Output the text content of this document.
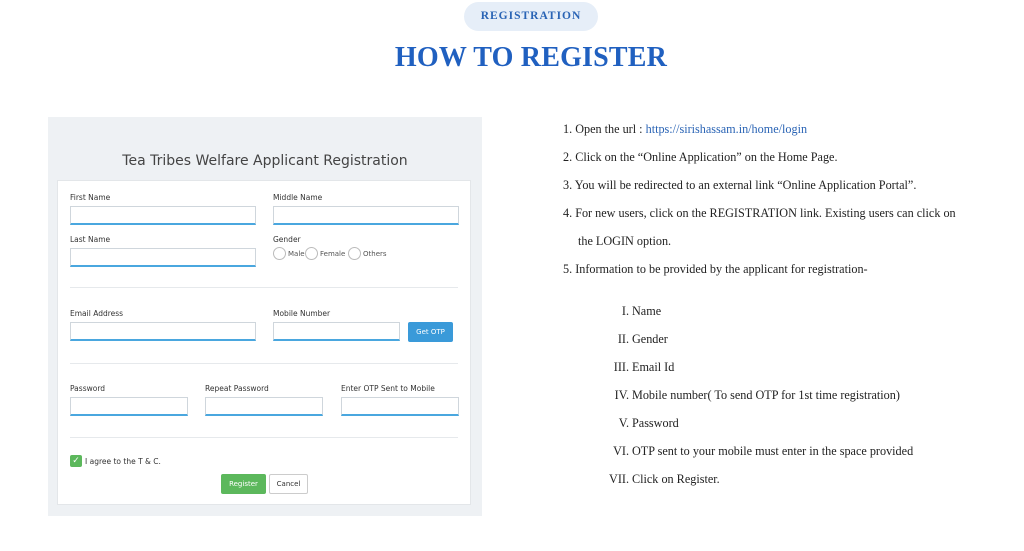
REGISTRATION
HOW TO REGISTER
Tea Tribes Welfare Applicant Registration
First Name	Middle Name
Last Name	Gender
Male Female	Others
Email Address	Mobile Number
Get OTP
Password	Repeat Password	Enter OTP Sent to Mobile
✓ I agree to the T & C.
Register	Cancel
1. Open the url : https://sirishassam.in/home/login
2. Click on the “Online Application” on the Home Page.
3. You will be redirected to an external link “Online Application Portal”.
4. For new users, click on the REGISTRATION link. Existing users can click on
the LOGIN option.
5. Information to be provided by the applicant for registration-
I. Name
II. Gender
III. Email Id
IV. Mobile number( To send OTP for 1st time registration)
V. Password
VI. OTP sent to your mobile must enter in the space provided
VII. Click on Register.
